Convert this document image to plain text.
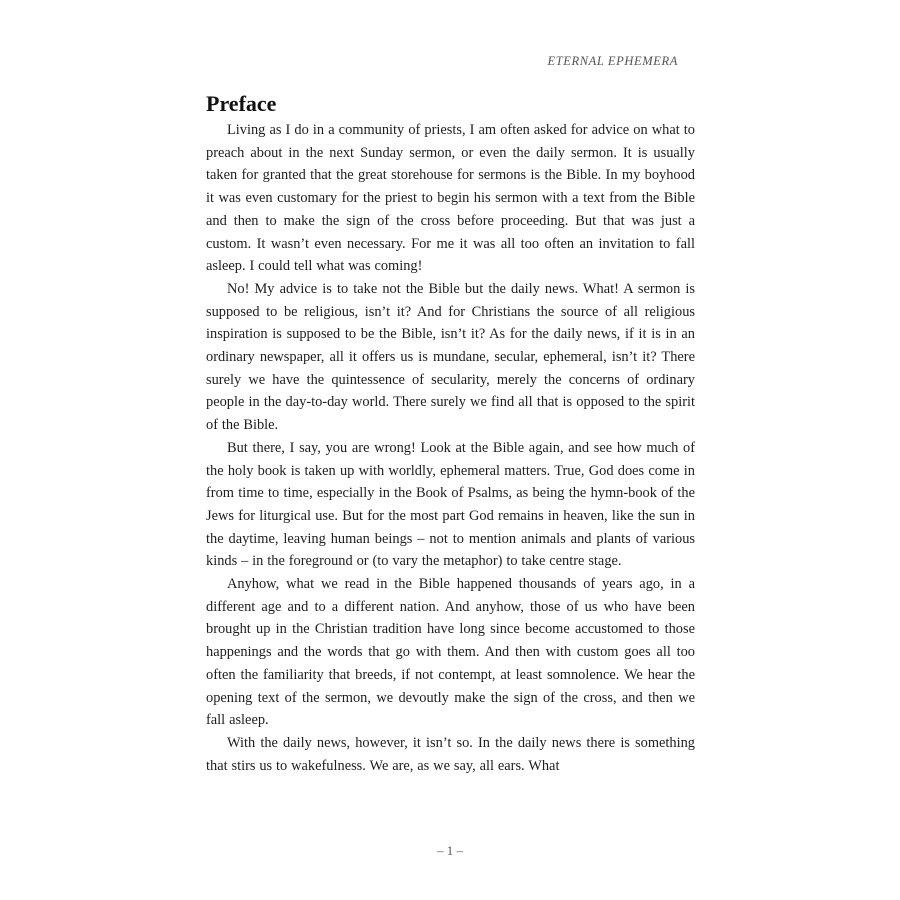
ETERNAL EPHEMERA
Preface

Living as I do in a community of priests, I am often asked for advice on what to preach about in the next Sunday sermon, or even the daily sermon. It is usually taken for granted that the great storehouse for sermons is the Bible. In my boyhood it was even customary for the priest to begin his sermon with a text from the Bible and then to make the sign of the cross before proceeding. But that was just a custom. It wasn’t even necessary. For me it was all too often an invitation to fall asleep. I could tell what was coming!

No! My advice is to take not the Bible but the daily news. What! A sermon is supposed to be religious, isn’t it? And for Christians the source of all religious inspiration is supposed to be the Bible, isn’t it? As for the daily news, if it is in an ordinary newspaper, all it offers us is mundane, secular, ephemeral, isn’t it? There surely we have the quintessence of secularity, merely the concerns of ordinary people in the day-to-day world. There surely we find all that is opposed to the spirit of the Bible.

But there, I say, you are wrong! Look at the Bible again, and see how much of the holy book is taken up with worldly, ephemeral matters. True, God does come in from time to time, especially in the Book of Psalms, as being the hymn-book of the Jews for liturgical use. But for the most part God remains in heaven, like the sun in the daytime, leaving human beings – not to mention animals and plants of various kinds – in the foreground or (to vary the metaphor) to take centre stage.

Anyhow, what we read in the Bible happened thousands of years ago, in a different age and to a different nation. And anyhow, those of us who have been brought up in the Christian tradition have long since become accustomed to those happenings and the words that go with them. And then with custom goes all too often the familiarity that breeds, if not contempt, at least somnolence. We hear the opening text of the sermon, we devoutly make the sign of the cross, and then we fall asleep.

With the daily news, however, it isn’t so. In the daily news there is something that stirs us to wakefulness. We are, as we say, all ears. What

– 1 –
